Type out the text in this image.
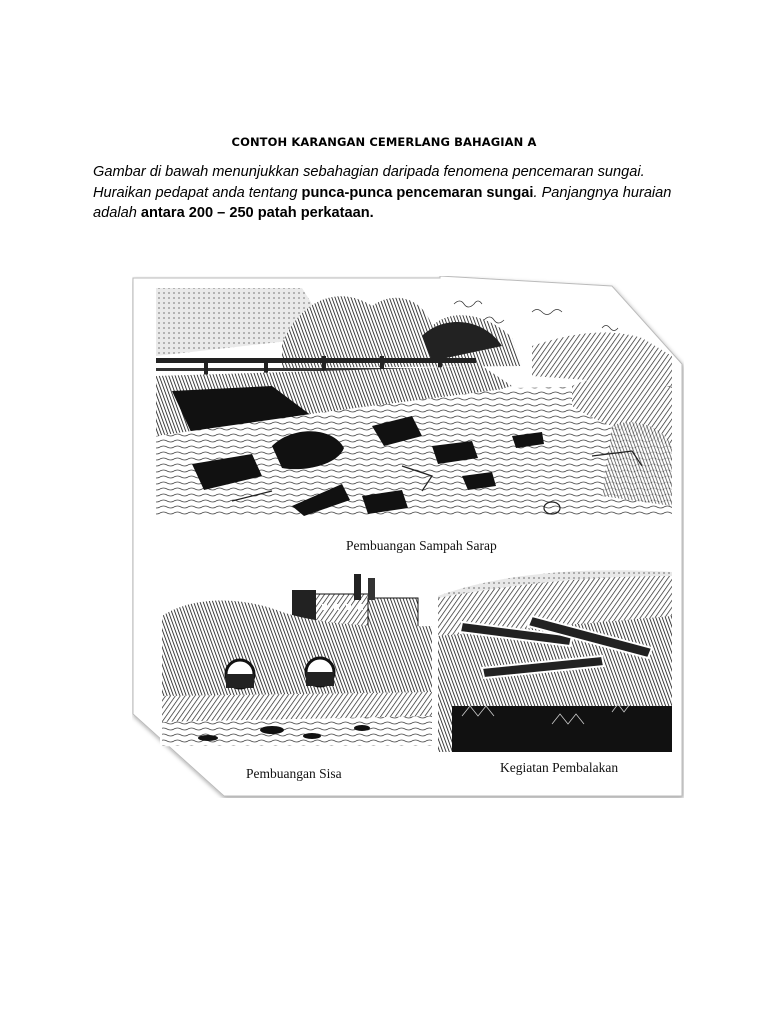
CONTOH KARANGAN CEMERLANG BAHAGIAN A
Gambar di bawah menunjukkan sebahagian daripada fenomena pencemaran sungai.
Huraikan pedapat anda tentang punca-punca pencemaran sungai. Panjangnya huraian
adalah antara 200 – 250 patah perkataan.
Pembuangan Sampah Sarap
Pembuangan Sisa	Kegiatan Pembalakan
